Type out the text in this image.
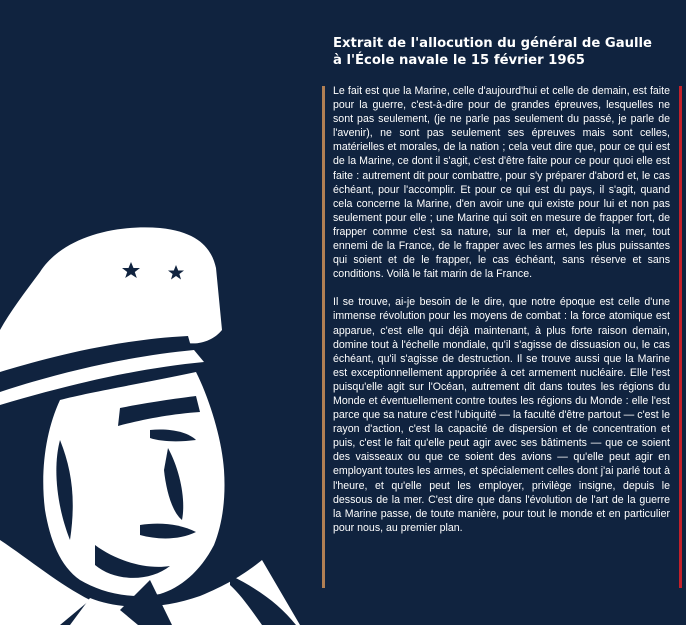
Extrait de l'allocution du général de Gaulle
à l'École navale le 15 février 1965

Le fait est que la Marine, celle d'aujourd'hui et celle de demain, est faite pour la guerre, c'est-à-dire pour de grandes épreuves, lesquelles ne sont pas seulement, (je ne parle pas seulement du passé, je parle de l'avenir), ne sont pas seulement ses épreuves mais sont celles, matérielles et morales, de la nation ; cela veut dire que, pour ce qui est de la Marine, ce dont il s'agit, c'est d'être faite pour ce pour quoi elle est faite : autrement dit pour combattre, pour s'y préparer d'abord et, le cas échéant, pour l'accomplir. Et pour ce qui est du pays, il s'agit, quand cela concerne la Marine, d'en avoir une qui existe pour lui et non pas seulement pour elle ; une Marine qui soit en mesure de frapper fort, de frapper comme c'est sa nature, sur la mer et, depuis la mer, tout ennemi de la France, de le frapper avec les armes les plus puissantes qui soient et de le frapper, le cas échéant, sans réserve et sans conditions. Voilà le fait marin de la France.

Il se trouve, ai-je besoin de le dire, que notre époque est celle d'une immense révolution pour les moyens de combat : la force atomique est apparue, c'est elle qui déjà maintenant, à plus forte raison demain, domine tout à l'échelle mondiale, qu'il s'agisse de dissuasion ou, le cas échéant, qu'il s'agisse de destruction. Il se trouve aussi que la Marine est exceptionnellement appropriée à cet armement nucléaire. Elle l'est puisqu'elle agit sur l'Océan, autrement dit dans toutes les régions du Monde et éventuellement contre toutes les régions du Monde : elle l'est parce que sa nature c'est l'ubiquité — la faculté d'être partout — c'est le rayon d'action, c'est la capacité de dispersion et de concentration et puis, c'est le fait qu'elle peut agir avec ses bâtiments — que ce soient des vaisseaux ou que ce soient des avions — qu'elle peut agir en employant toutes les armes, et spécialement celles dont j'ai parlé tout à l'heure, et qu'elle peut les employer, privilège insigne, depuis le dessous de la mer. C'est dire que dans l'évolution de l'art de la guerre la Marine passe, de toute manière, pour tout le monde et en particulier pour nous, au premier plan.
